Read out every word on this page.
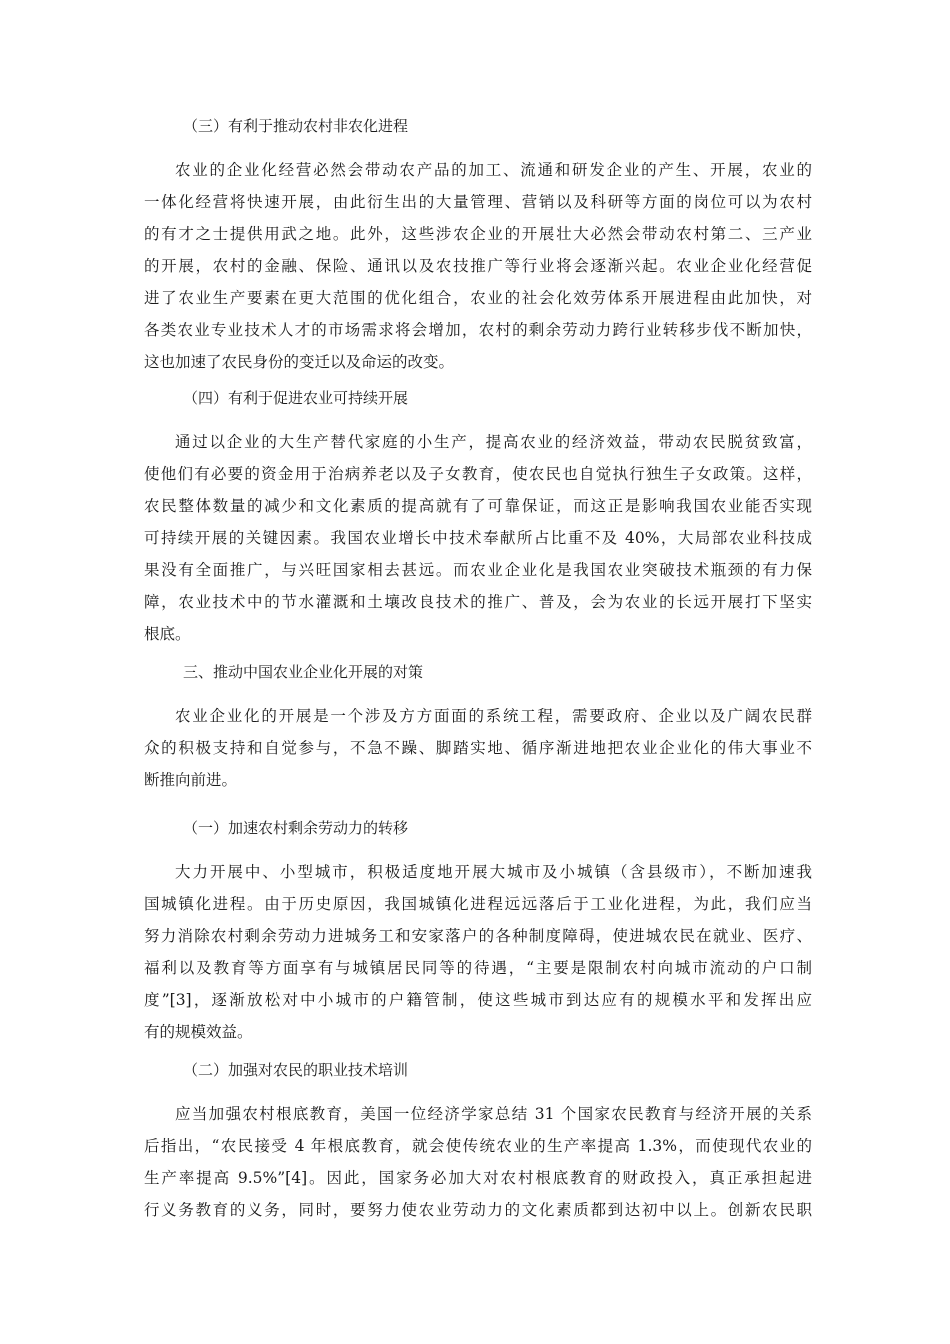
（三）有利于推动农村非农化进程
农业的企业化经营必然会带动农产品的加工、流通和研发企业的产生、开展，农业的
一体化经营将快速开展，由此衍生出的大量管理、营销以及科研等方面的岗位可以为农村
的有才之士提供用武之地。此外，这些涉农企业的开展壮大必然会带动农村第二、三产业
的开展，农村的金融、保险、通讯以及农技推广等行业将会逐渐兴起。农业企业化经营促
进了农业生产要素在更大范围的优化组合，农业的社会化效劳体系开展进程由此加快，对
各类农业专业技术人才的市场需求将会增加，农村的剩余劳动力跨行业转移步伐不断加快，
这也加速了农民身份的变迁以及命运的改变。
（四）有利于促进农业可持续开展
通过以企业的大生产替代家庭的小生产，提高农业的经济效益，带动农民脱贫致富，
使他们有必要的资金用于治病养老以及子女教育，使农民也自觉执行独生子女政策。这样，
农民整体数量的减少和文化素质的提高就有了可靠保证，而这正是影响我国农业能否实现
可持续开展的关键因素。我国农业增长中技术奉献所占比重不及 40%，大局部农业科技成
果没有全面推广，与兴旺国家相去甚远。而农业企业化是我国农业突破技术瓶颈的有力保
障，农业技术中的节水灌溉和土壤改良技术的推广、普及，会为农业的长远开展打下坚实
根底。
三、推动中国农业企业化开展的对策
农业企业化的开展是一个涉及方方面面的系统工程，需要政府、企业以及广阔农民群
众的积极支持和自觉参与，不急不躁、脚踏实地、循序渐进地把农业企业化的伟大事业不
断推向前进。
（一）加速农村剩余劳动力的转移
大力开展中、小型城市，积极适度地开展大城市及小城镇（含县级市），不断加速我
国城镇化进程。由于历史原因，我国城镇化进程远远落后于工业化进程，为此，我们应当
努力消除农村剩余劳动力进城务工和安家落户的各种制度障碍，使进城农民在就业、医疗、
福利以及教育等方面享有与城镇居民同等的待遇，“主要是限制农村向城市流动的户口制
度”[3]，逐渐放松对中小城市的户籍管制，使这些城市到达应有的规模水平和发挥出应
有的规模效益。
（二）加强对农民的职业技术培训
应当加强农村根底教育，美国一位经济学家总结 31 个国家农民教育与经济开展的关系
后指出，“农民接受 4 年根底教育，就会使传统农业的生产率提高 1.3%，而使现代农业的
生产率提高 9.5%”[4]。因此，国家务必加大对农村根底教育的财政投入，真正承担起进
行义务教育的义务，同时，要努力使农业劳动力的文化素质都到达初中以上。创新农民职
